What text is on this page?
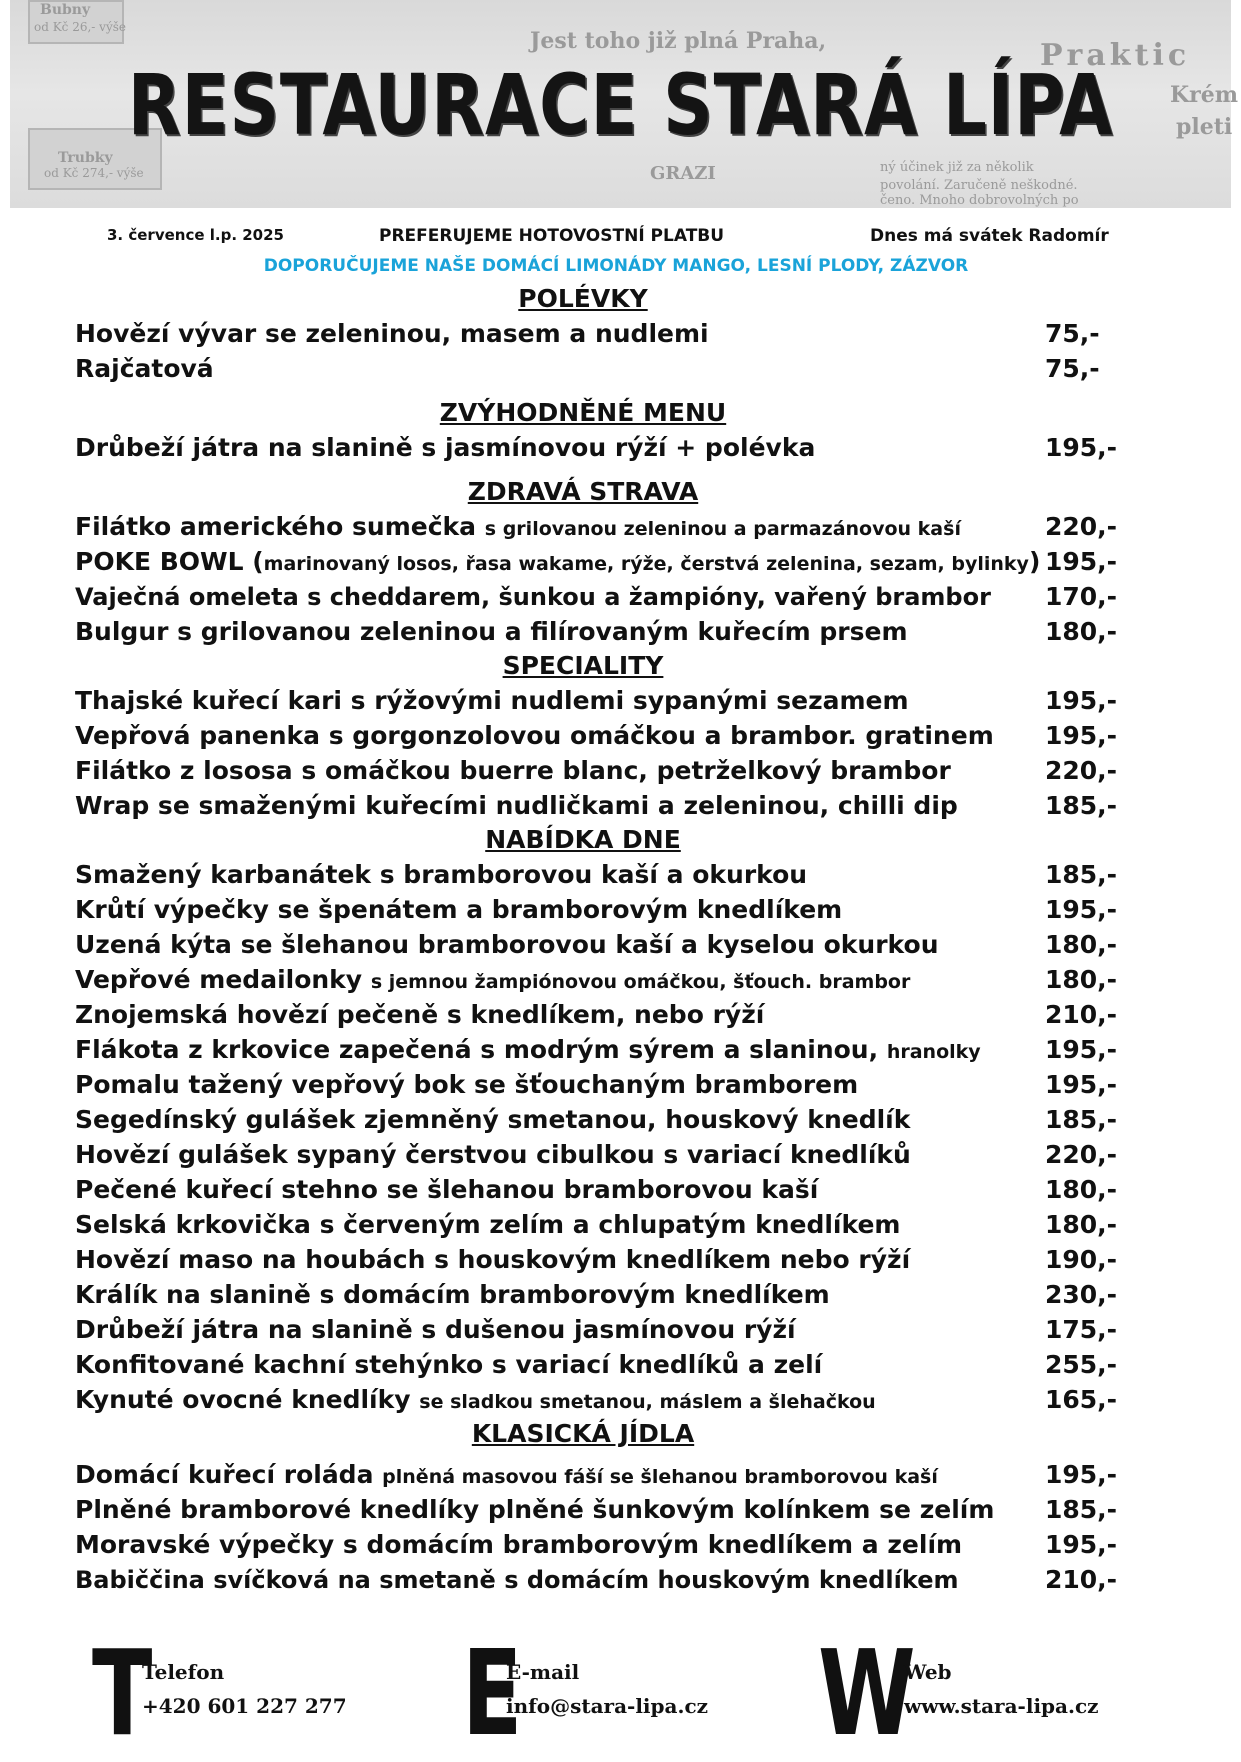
Bubny
od Kč 26,- výše
Trubky
od Kč 274,- výše
Jest toho již plná Praha,
GRAZI
Praktic
Krém
pleti
ný účinek již za několik
povolání. Zaručeně neškodné.
čeno. Mnoho dobrovolných po
RESTAURACE STARÁ LÍPA
3. července l.p. 2025	PREFERUJEME HOTOVOSTNÍ PLATBU	Dnes má svátek Radomír
DOPORUČUJEME NAŠE DOMÁCÍ LIMONÁDY MANGO, LESNÍ PLODY, ZÁZVOR
POLÉVKY
Hovězí vývar se zeleninou, masem a nudlemi	75,-
Rajčatová	75,-
ZVÝHODNĚNÉ MENU
Drůbeží játra na slanině s jasmínovou rýží + polévka	195,-
ZDRAVÁ STRAVA
Filátko amerického sumečka s grilovanou zeleninou a parmazánovou kaší	220,-
POKE BOWL (marinovaný losos, řasa wakame, rýže, čerstvá zelenina, sezam, bylinky) 195,-
Vaječná omeleta s cheddarem, šunkou a žampióny, vařený brambor 170,-
Bulgur s grilovanou zeleninou a filírovaným kuřecím prsem	180,-
SPECIALITY
Thajské kuřecí kari s rýžovými nudlemi sypanými sezamem	195,-
Vepřová panenka s gorgonzolovou omáčkou a brambor. gratinem 195,-
Filátko z lososa s omáčkou buerre blanc, petrželkový brambor	220,-
Wrap se smaženými kuřecími nudličkami a zeleninou, chilli dip	185,-
NABÍDKA DNE
Smažený karbanátek s bramborovou kaší a okurkou	185,-
Krůtí výpečky se špenátem a bramborovým knedlíkem	195,-
Uzená kýta se šlehanou bramborovou kaší a kyselou okurkou	180,-
Vepřové medailonky s jemnou žampiónovou omáčkou, šťouch. brambor	180,-
Znojemská hovězí pečeně s knedlíkem, nebo rýží	210,-
Flákota z krkovice zapečená s modrým sýrem a slaninou, hranolky	195,-
Pomalu tažený vepřový bok se šťouchaným bramborem	195,-
Segedínský gulášek zjemněný smetanou, houskový knedlík	185,-
Hovězí gulášek sypaný čerstvou cibulkou s variací knedlíků	220,-
Pečené kuřecí stehno se šlehanou bramborovou kaší	180,-
Selská krkovička s červeným zelím a chlupatým knedlíkem	180,-
Hovězí maso na houbách s houskovým knedlíkem nebo rýží	190,-
Králík na slanině s domácím bramborovým knedlíkem	230,-
Drůbeží játra na slanině s dušenou jasmínovou rýží	175,-
Konfitované kachní stehýnko s variací knedlíků a zelí	255,-
Kynuté ovocné knedlíky se sladkou smetanou, máslem a šlehačkou	165,-
KLASICKÁ JÍDLA
Domácí kuřecí roláda plněná masovou fáší se šlehanou bramborovou kaší	195,-
Plněné bramborové knedlíky plněné šunkovým kolínkem se zelím 185,-
Moravské výpečky s domácím bramborovým knedlíkem a zelím	195,-
Babiččina svíčková na smetaně s domácím houskovým knedlíkem	210,-
T
Telefon
+420 601 227 277 E
E-mail
info@stara-lipa.cz W
Web
www.stara-lipa.cz
